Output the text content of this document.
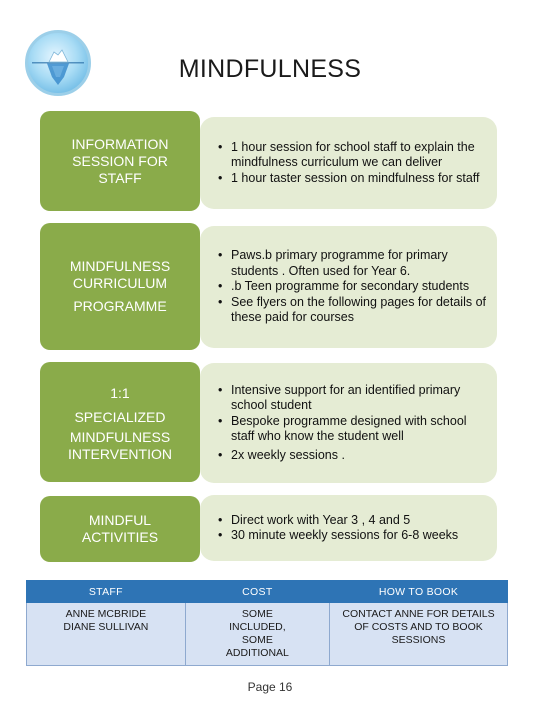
MINDFULNESS
INFORMATION
SESSION FOR
STAFF
• 1 hour session for school staff to explain the mindfulness curriculum we can deliver
• 1 hour taster session on mindfulness for staff
MINDFULNESS
CURRICULUM
PROGRAMME
• Paws.b primary programme for primary students . Often used for Year 6.
• .b Teen programme for secondary students
• See flyers on the following pages for details of these paid for courses
1:1
SPECIALIZED
MINDFULNESS
INTERVENTION
• Intensive support for an identified primary school student
• Bespoke programme designed with school staff who know the student well
• 2x weekly sessions .
MINDFUL
ACTIVITIES
• Direct work with Year 3 , 4 and 5
• 30 minute weekly sessions for 6-8 weeks
STAFF	COST	HOW TO BOOK

ANNE MCBRIDE
DIANE SULLIVAN	SOME
INCLUDED,
SOME
ADDITIONAL	CONTACT ANNE FOR DETAILS OF COSTS AND TO BOOK SESSIONS
Page 16
